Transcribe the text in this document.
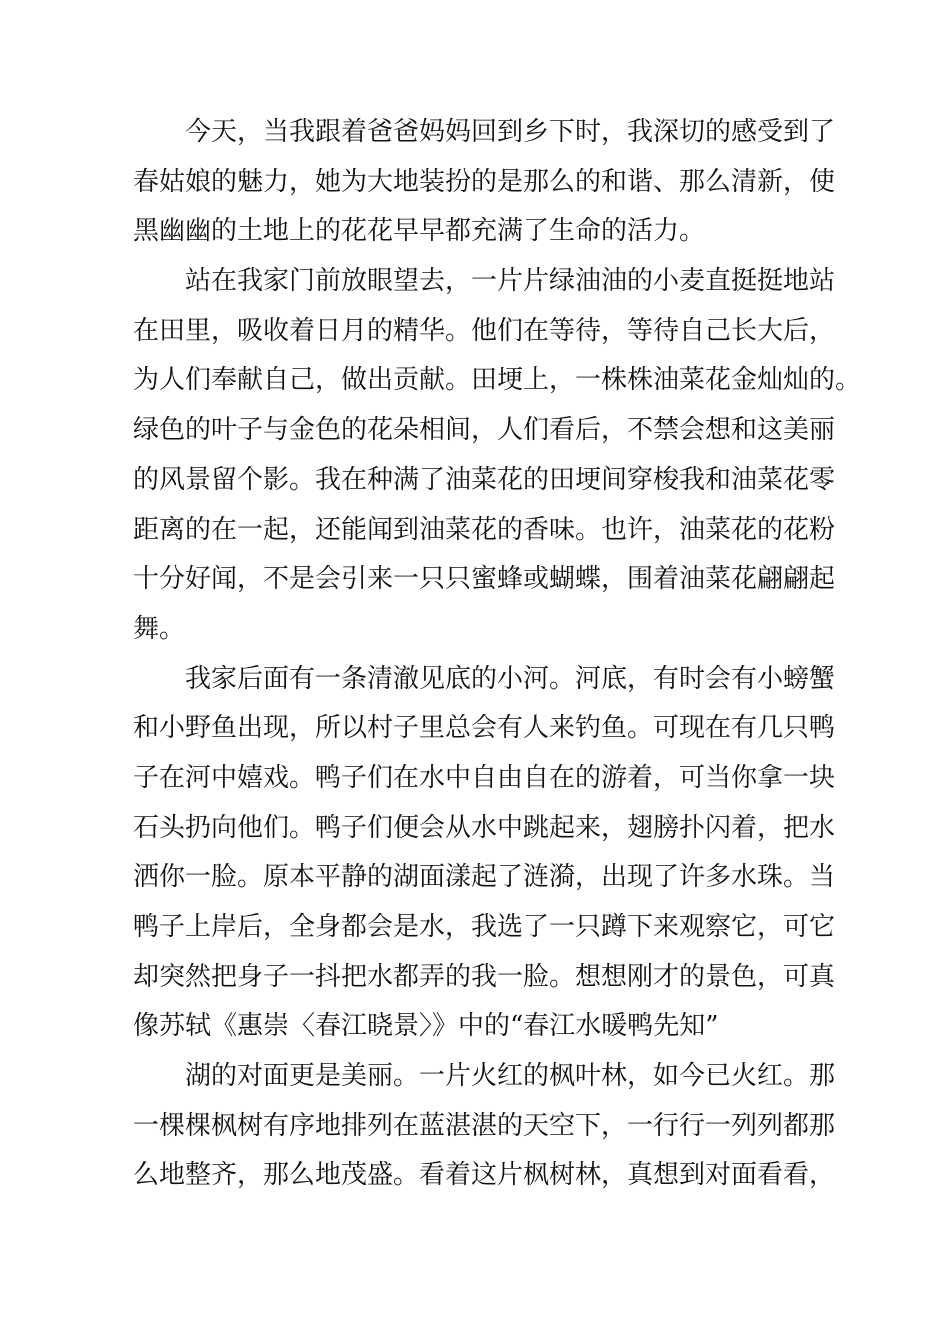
今天，当我跟着爸爸妈妈回到乡下时，我深切的感受到了
春姑娘的魅力，她为大地装扮的是那么的和谐、那么清新，使
黑幽幽的土地上的花花早早都充满了生命的活力。

站在我家门前放眼望去，一片片绿油油的小麦直挺挺地站
在田里，吸收着日月的精华。他们在等待，等待自己长大后，
为人们奉献自己，做出贡献。田埂上，一株株油菜花金灿灿的。
绿色的叶子与金色的花朵相间，人们看后，不禁会想和这美丽
的风景留个影。我在种满了油菜花的田埂间穿梭我和油菜花零
距离的在一起，还能闻到油菜花的香味。也许，油菜花的花粉
十分好闻，不是会引来一只只蜜蜂或蝴蝶，围着油菜花翩翩起
舞。

我家后面有一条清澈见底的小河。河底，有时会有小螃蟹
和小野鱼出现，所以村子里总会有人来钓鱼。可现在有几只鸭
子在河中嬉戏。鸭子们在水中自由自在的游着，可当你拿一块
石头扔向他们。鸭子们便会从水中跳起来，翅膀扑闪着，把水
洒你一脸。原本平静的湖面漾起了涟漪，出现了许多水珠。当
鸭子上岸后，全身都会是水，我选了一只蹲下来观察它，可它
却突然把身子一抖把水都弄的我一脸。想想刚才的景色，可真
像苏轼《惠崇〈春江晓景〉》中的“春江水暖鸭先知”

湖的对面更是美丽。一片火红的枫叶林，如今已火红。那
一棵棵枫树有序地排列在蓝湛湛的天空下，一行行一列列都那
么地整齐，那么地茂盛。看着这片枫树林，真想到对面看看，
